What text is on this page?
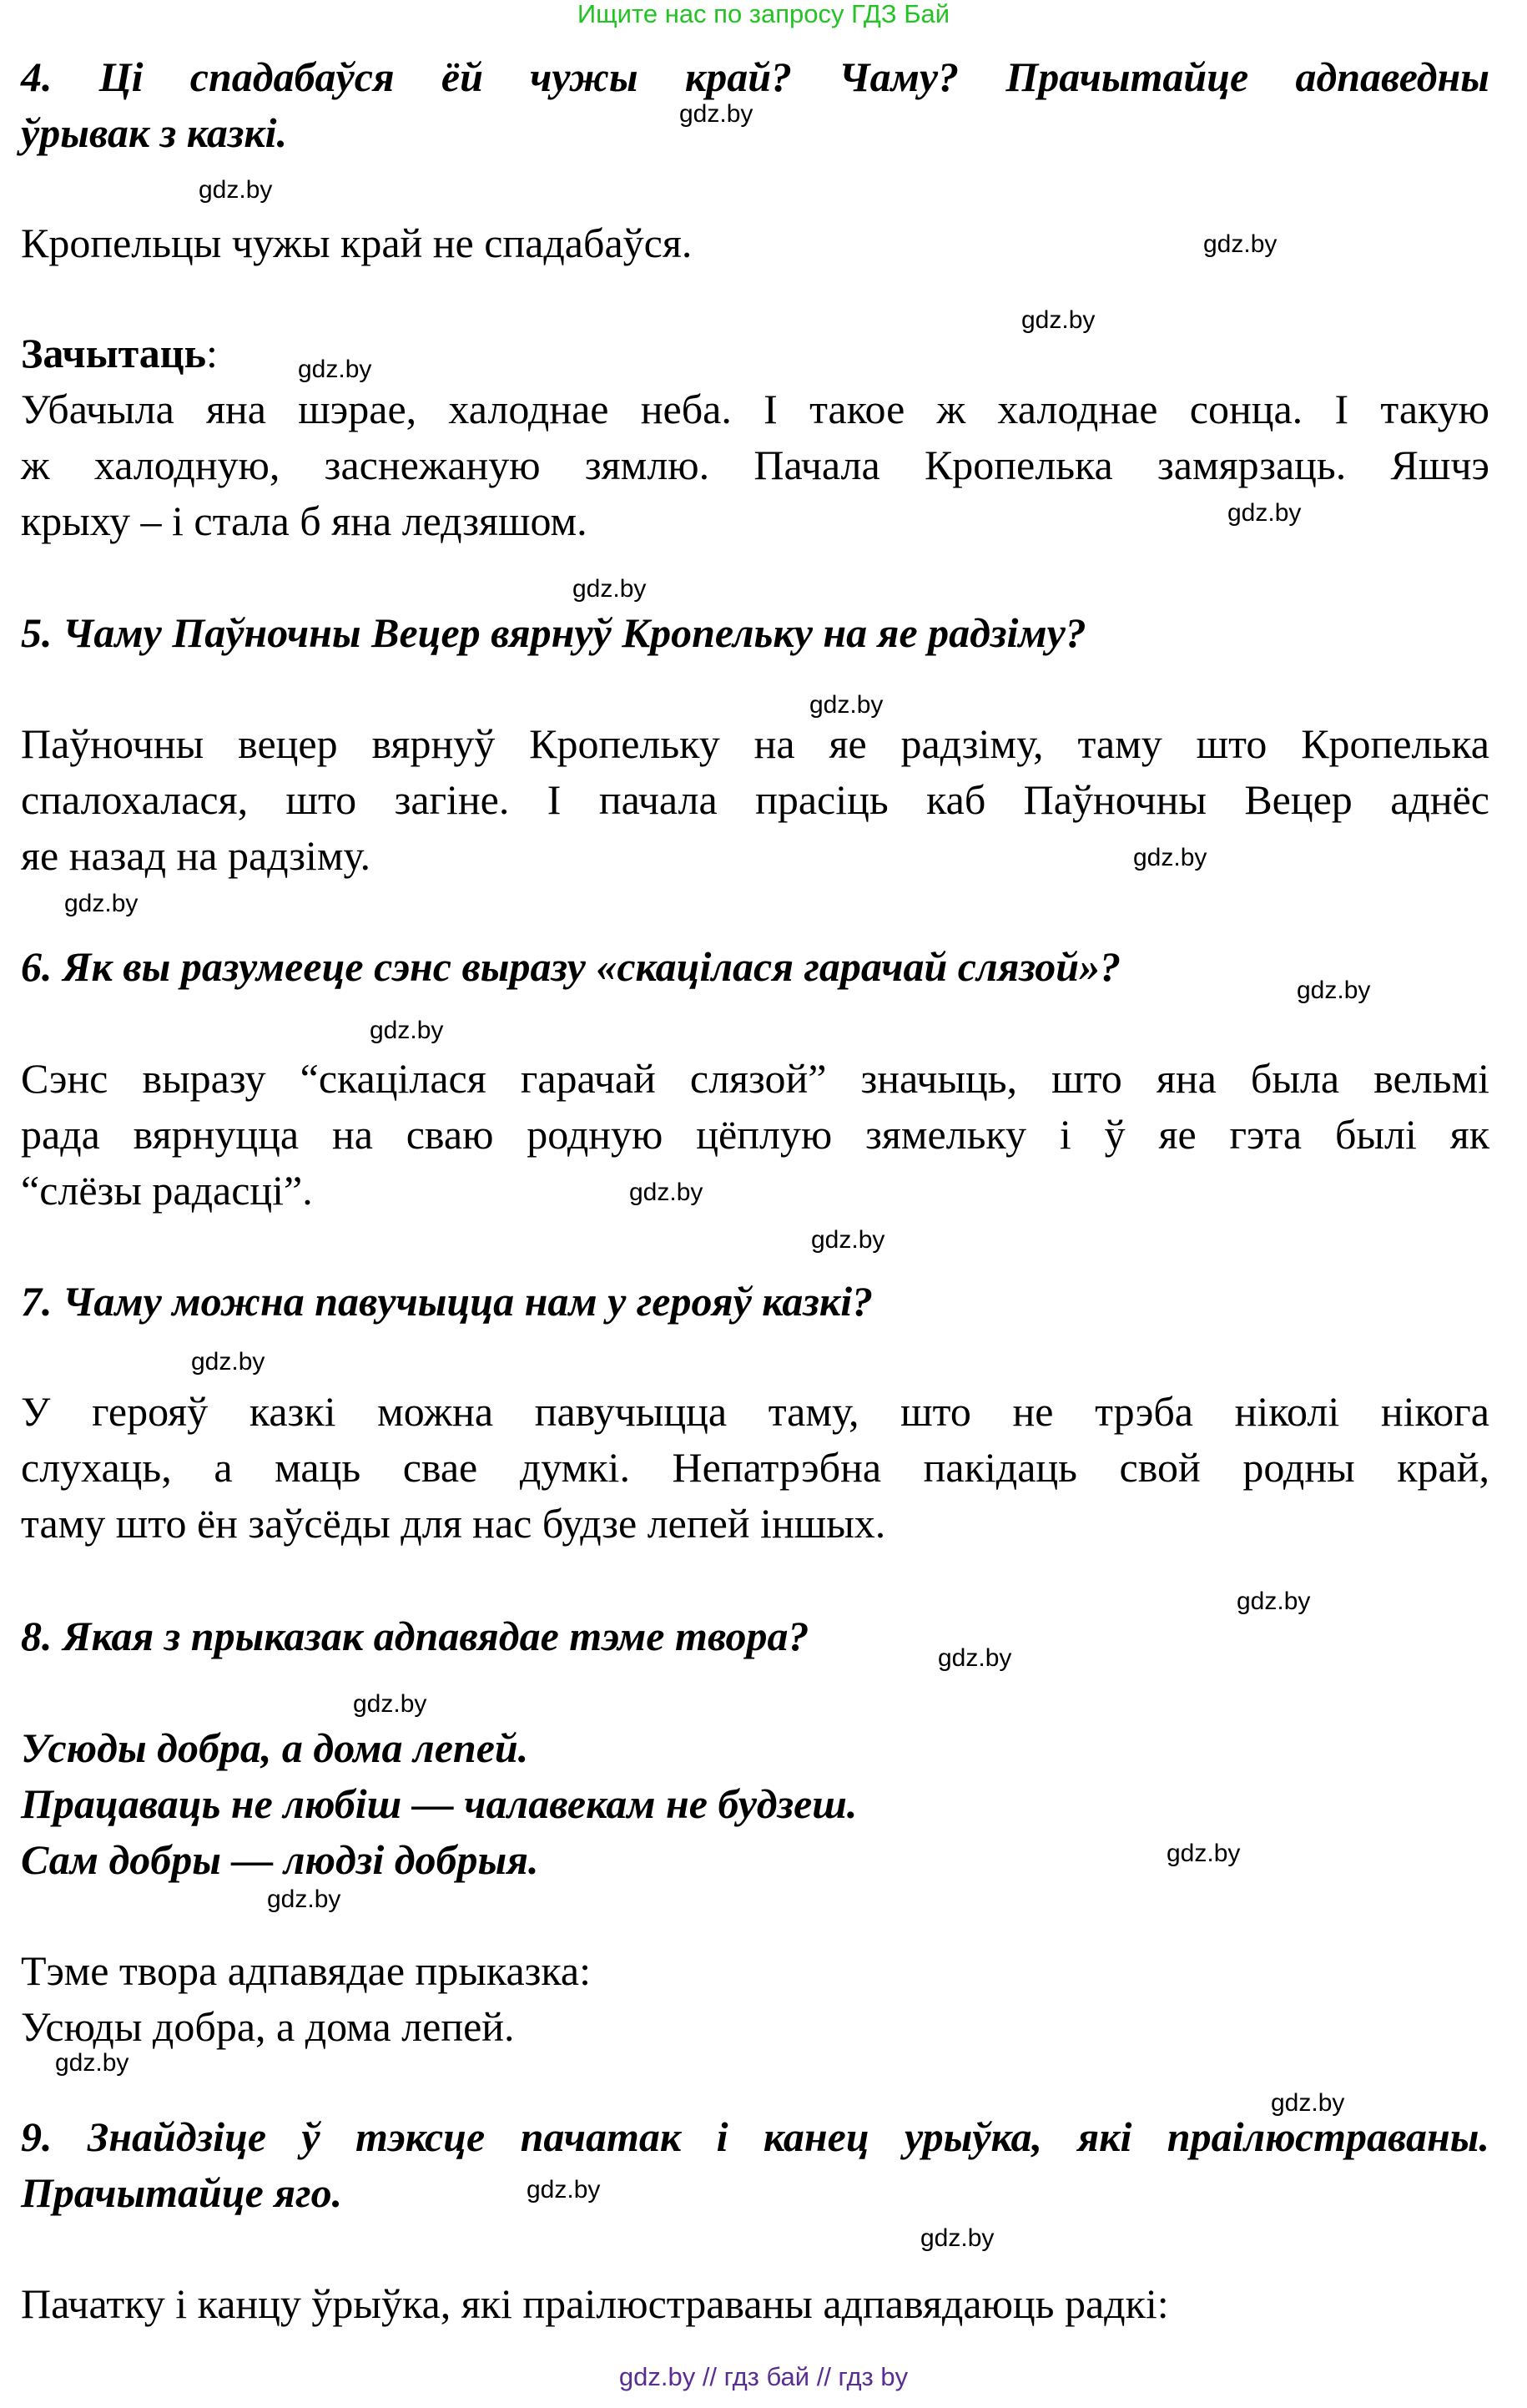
Ищите нас по запросу ГДЗ Бай
4. Ці спадабаўся ёй чужы край? Чаму? Прачытайце адпаведны
ўрывак з казкі.
Кропельцы чужы край не спадабаўся.
Зачытаць:
Убачыла яна шэрае, халоднае неба. І такое ж халоднае сонца. І такую
ж халодную, заснежаную зямлю. Пачала Кропелька замярзаць. Яшчэ
крыху – і стала б яна ледзяшом.
5. Чаму Паўночны Вецер вярнуў Кропельку на яе радзіму?
Паўночны вецер вярнуў Кропельку на яе радзіму, таму што Кропелька
спалохалася, што загіне. І пачала прасіць каб Паўночны Вецер аднёс
яе назад на радзіму.
6. Як вы разумееце сэнс выразу «скацілася гарачай слязой»?
Сэнс выразу “скацілася гарачай слязой” значыць, што яна была вельмі
рада вярнуцца на сваю родную цёплую зямельку і ў яе гэта былі як
“слёзы радасці”.
7. Чаму можна павучыцца нам у герояў казкі?
У герояў казкі можна павучыцца таму, што не трэба ніколі нікога
слухаць, а маць свае думкі. Непатрэбна пакідаць свой родны край,
таму што ён заўсёды для нас будзе лепей іншых.
8. Якая з прыказак адпавядае тэме твора?
Усюды добра, а дома лепей.
Працаваць не любіш — чалавекам не будзеш.
Сам добры — людзі добрыя.
Тэме твора адпавядае прыказка:
Усюды добра, а дома лепей.
9. Знайдзіце ў тэксце пачатак і канец урыўка, які праілюстраваны.
Прачытайце яго.
Пачатку і канцу ўрыўка, які праілюстраваны адпавядаюць радкі:
gdz.by // гдз бай // гдз by
gdz.by
gdz.by
gdz.by
gdz.by
gdz.by
gdz.by
gdz.by
gdz.by
gdz.by
gdz.by
gdz.by
gdz.by
gdz.by
gdz.by
gdz.by
gdz.by
gdz.by
gdz.by
gdz.by
gdz.by
gdz.by
gdz.by
gdz.by
gdz.by
